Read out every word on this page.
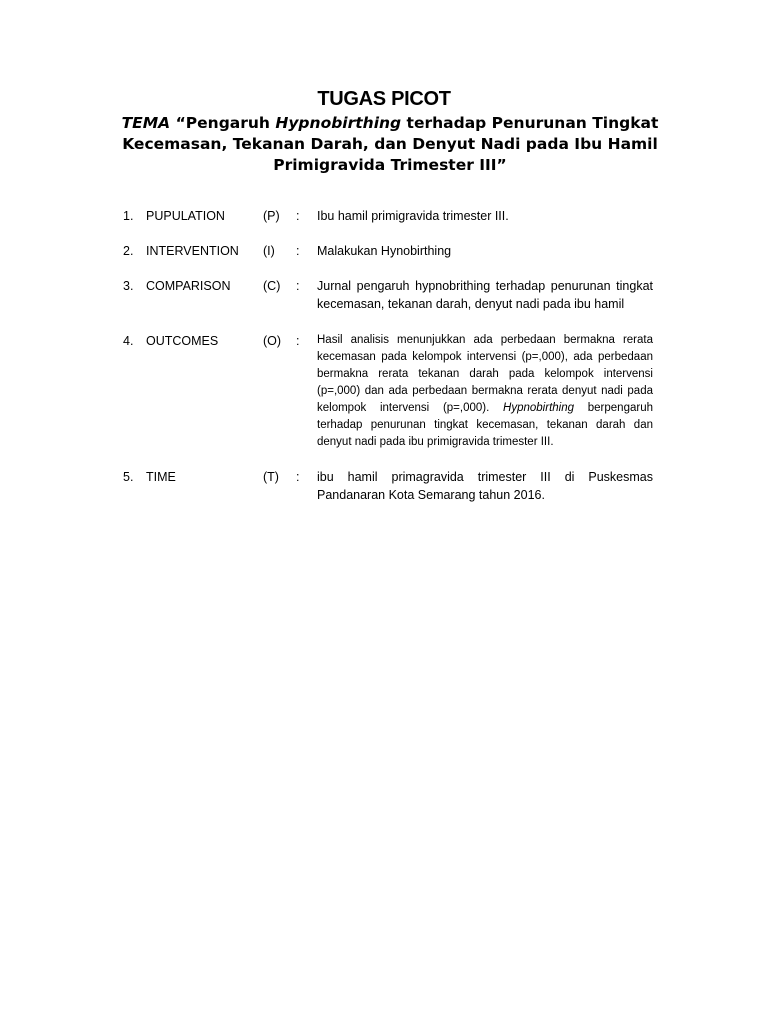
TUGAS PICOT
TEMA “Pengaruh Hypnobirthing terhadap Penurunan Tingkat Kecemasan, Tekanan Darah, dan Denyut Nadi pada Ibu Hamil Primigravida Trimester III”
1.	PUPULATION	(P)	:	Ibu hamil primigravida trimester III.
2.	INTERVENTION	(I)	:	Malakukan Hynobirthing
3.	COMPARISON	(C)	:	Jurnal pengaruh hypnobrithing terhadap penurunan tingkat kecemasan, tekanan darah, denyut nadi pada ibu hamil
4.	OUTCOMES	(O)	:	Hasil analisis menunjukkan ada perbedaan bermakna rerata kecemasan pada kelompok intervensi (p=,000), ada perbedaan bermakna rerata tekanan darah pada kelompok intervensi (p=,000) dan ada perbedaan bermakna rerata denyut nadi pada kelompok intervensi (p=,000). Hypnobirthing berpengaruh terhadap penurunan tingkat kecemasan, tekanan darah dan denyut nadi pada ibu primigravida trimester III.
5.	TIME	(T)	:	ibu hamil primagravida trimester III di Puskesmas Pandanaran Kota Semarang tahun 2016.
